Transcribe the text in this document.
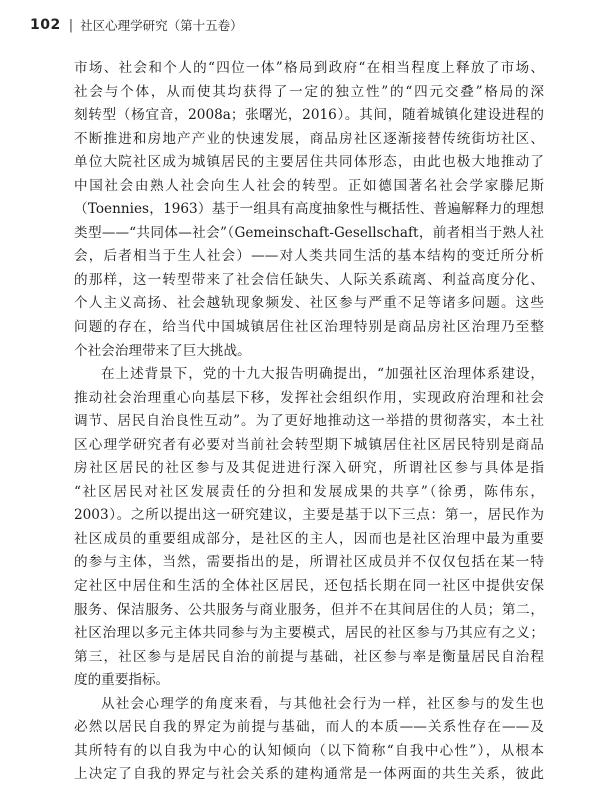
102 | 社区心理学研究（第十五卷）
市场、社会和个人的“四位一体”格局到政府“在相当程度上释放了市场、
社会与个体，从而使其均获得了一定的独立性”的“四元交叠”格局的深
刻转型（杨宜音，2008a；张曙光，2016）。其间，随着城镇化建设进程的
不断推进和房地产产业的快速发展，商品房社区逐渐接替传统街坊社区、
单位大院社区成为城镇居民的主要居住共同体形态，由此也极大地推动了
中国社会由熟人社会向生人社会的转型。正如德国著名社会学家滕尼斯
（Toennies，1963）基于一组具有高度抽象性与概括性、普遍解释力的理想
类型——“共同体—社会”（Gemeinschaft-Gesellschaft，前者相当于熟人社
会，后者相当于生人社会）——对人类共同生活的基本结构的变迁所分析
的那样，这一转型带来了社会信任缺失、人际关系疏离、利益高度分化、
个人主义高扬、社会越轨现象频发、社区参与严重不足等诸多问题。这些
问题的存在，给当代中国城镇居住社区治理特别是商品房社区治理乃至整
个社会治理带来了巨大挑战。
在上述背景下，党的十九大报告明确提出，“加强社区治理体系建设，
推动社会治理重心向基层下移，发挥社会组织作用，实现政府治理和社会
调节、居民自治良性互动”。为了更好地推动这一举措的贯彻落实，本土社
区心理学研究者有必要对当前社会转型期下城镇居住社区居民特别是商品
房社区居民的社区参与及其促进进行深入研究，所谓社区参与具体是指
“社区居民对社区发展责任的分担和发展成果的共享”（徐勇，陈伟东，
2003）。之所以提出这一研究建议，主要是基于以下三点：第一，居民作为
社区成员的重要组成部分，是社区的主人，因而也是社区治理中最为重要
的参与主体，当然，需要指出的是，所谓社区成员并不仅仅包括在某一特
定社区中居住和生活的全体社区居民，还包括长期在同一社区中提供安保
服务、保洁服务、公共服务与商业服务，但并不在其间居住的人员；第二，
社区治理以多元主体共同参与为主要模式，居民的社区参与乃其应有之义；
第三，社区参与是居民自治的前提与基础，社区参与率是衡量居民自治程
度的重要指标。
从社会心理学的角度来看，与其他社会行为一样，社区参与的发生也
必然以居民自我的界定为前提与基础，而人的本质——关系性存在——及
其所特有的以自我为中心的认知倾向（以下简称“自我中心性”），从根本
上决定了自我的界定与社会关系的建构通常是一体两面的共生关系，彼此
